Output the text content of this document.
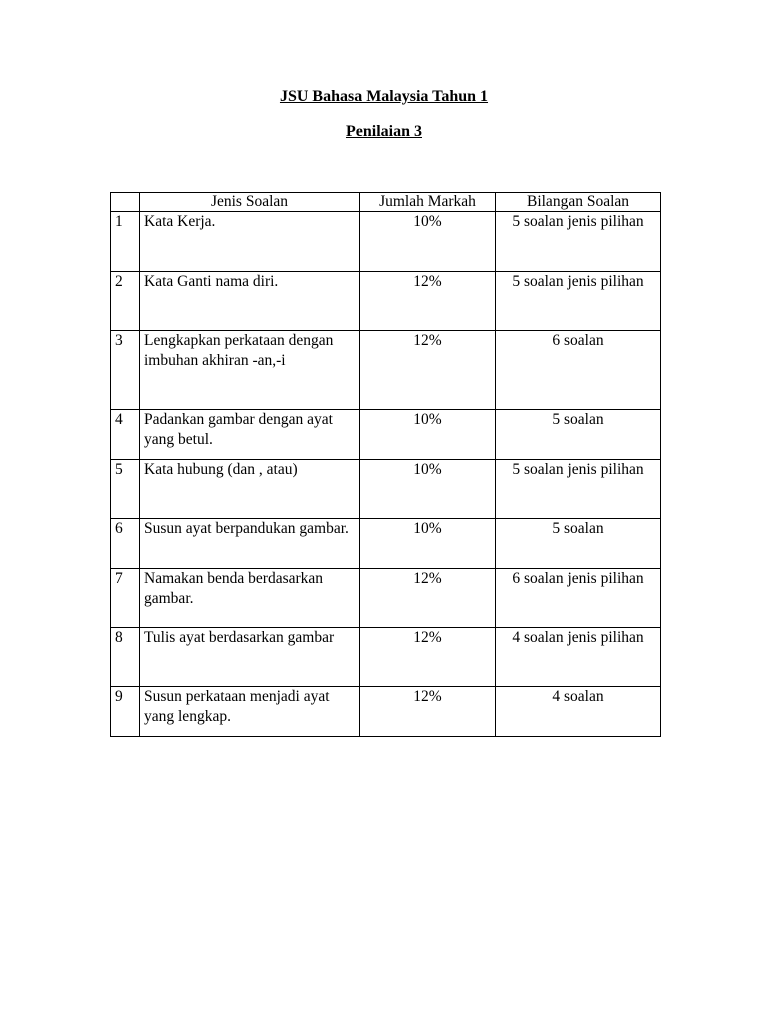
JSU Bahasa Malaysia Tahun 1

Penilaian 3

	Jenis Soalan	Jumlah Markah	Bilangan Soalan
1	Kata Kerja.	10%	5 soalan jenis pilihan
2	Kata Ganti nama diri.	12%	5 soalan jenis pilihan
3	Lengkapkan perkataan dengan imbuhan akhiran -an,-i	12%	6 soalan
4	Padankan gambar dengan ayat yang betul.	10%	5 soalan
5	Kata hubung (dan , atau)	10%	5 soalan jenis pilihan
6	Susun ayat berpandukan gambar.	10%	5 soalan
7	Namakan benda berdasarkan gambar.	12%	6 soalan jenis pilihan
8	Tulis ayat berdasarkan gambar	12%	4 soalan jenis pilihan
9	Susun perkataan menjadi ayat yang lengkap.	12%	4 soalan
